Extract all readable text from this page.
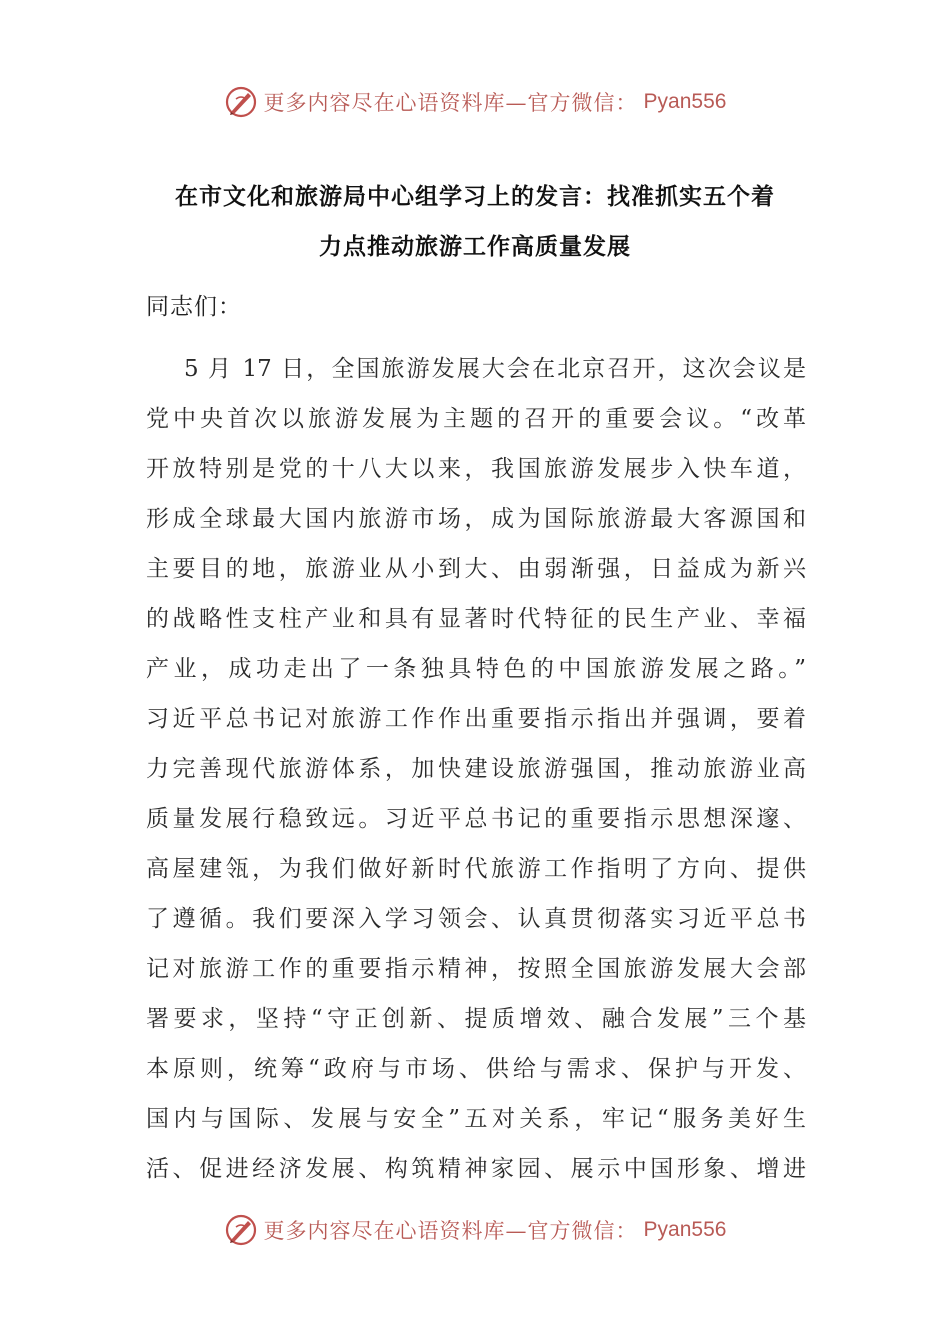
更多内容尽在心语资料库—官方微信： Pyan556
在市文化和旅游局中心组学习上的发言：找准抓实五个着
力点推动旅游工作高质量发展
同志们：
5 月 17 日，全国旅游发展大会在北京召开，这次会议是
党中央首次以旅游发展为主题的召开的重要会议。“改革
开放特别是党的十八大以来，我国旅游发展步入快车道，
形成全球最大国内旅游市场，成为国际旅游最大客源国和
主要目的地，旅游业从小到大、由弱渐强，日益成为新兴
的战略性支柱产业和具有显著时代特征的民生产业、幸福
产业，成功走出了一条独具特色的中国旅游发展之路。”
习近平总书记对旅游工作作出重要指示指出并强调，要着
力完善现代旅游体系，加快建设旅游强国，推动旅游业高
质量发展行稳致远。习近平总书记的重要指示思想深邃、
高屋建瓴，为我们做好新时代旅游工作指明了方向、提供
了遵循。我们要深入学习领会、认真贯彻落实习近平总书
记对旅游工作的重要指示精神，按照全国旅游发展大会部
署要求，坚持“守正创新、提质增效、融合发展”三个基
本原则，统筹“政府与市场、供给与需求、保护与开发、
国内与国际、发展与安全”五对关系，牢记“服务美好生
活、促进经济发展、构筑精神家园、展示中国形象、增进
更多内容尽在心语资料库—官方微信： Pyan556
